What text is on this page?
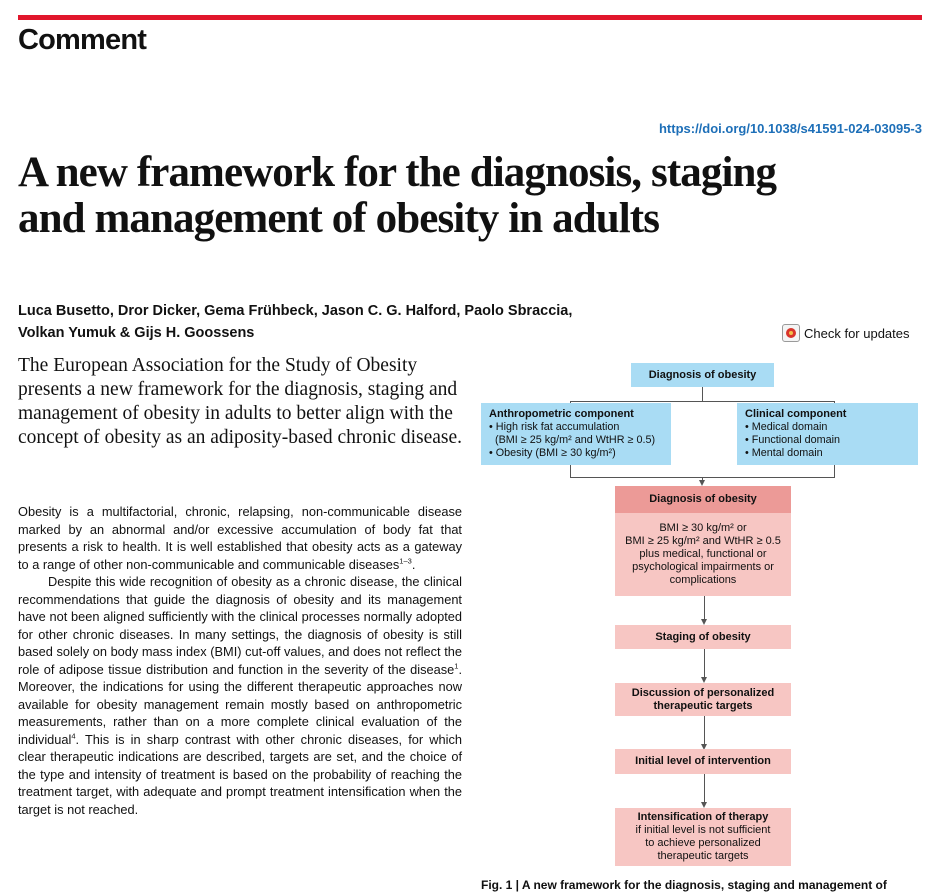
Comment
https://doi.org/10.1038/s41591-024-03095-3
A new framework for the diagnosis, staging
and management of obesity in adults
Luca Busetto, Dror Dicker, Gema Frühbeck, Jason C. G. Halford, Paolo Sbraccia,
Volkan Yumuk & Gijs H. Goossens	Check for updates

The European Association for the Study of Obesity presents a new framework for the diagnosis, staging and management of obesity in adults to better align with the concept of obesity as an adiposity-based chronic disease.

Obesity is a multifactorial, chronic, relapsing, non-communicable disease marked by an abnormal and/or excessive accumulation of body fat that presents a risk to health. It is well established that obesity acts as a gateway to a range of other non-communicable and communicable diseases$^{1-3}$.

Despite this wide recognition of obesity as a chronic disease, the clinical recommendations that guide the diagnosis of obesity and its management have not been aligned sufficiently with the clinical processes normally adopted for other chronic diseases. In many settings, the diagnosis of obesity is still based solely on body mass index (BMI) cut-off values, and does not reflect the role of adipose tissue distribution and function in the severity of the disease$^1$. Moreover, the indications for using the different therapeutic approaches now available for obesity management remain mostly based on anthropometric measurements, rather than on a more complete clinical evaluation of the individual$^4$. This is in sharp contrast with other chronic diseases, for which clear therapeutic indications are described, targets are set, and the choice of the type and intensity of treatment is based on the probability of reaching the treatment target, with adequate and prompt treatment intensification when the target is not reached.

Diagnosis of obesity
Anthropometric component
• High risk fat accumulation
(BMI ≥ 25 kg/m² and WtHR ≥ 0.5)
• Obesity (BMI ≥ 30 kg/m²)
Clinical component
• Medical domain
• Functional domain
• Mental domain
Diagnosis of obesity
BMI ≥ 30 kg/m² or
BMI ≥ 25 kg/m² and WtHR ≥ 0.5
plus medical, functional or
psychological impairments or
complications
Staging of obesity
Discussion of personalized
therapeutic targets
Initial level of intervention
Intensification of therapy
if initial level is not sufficient
to achieve personalized
therapeutic targets
Fig. 1 | A new framework for the diagnosis, staging and management of
